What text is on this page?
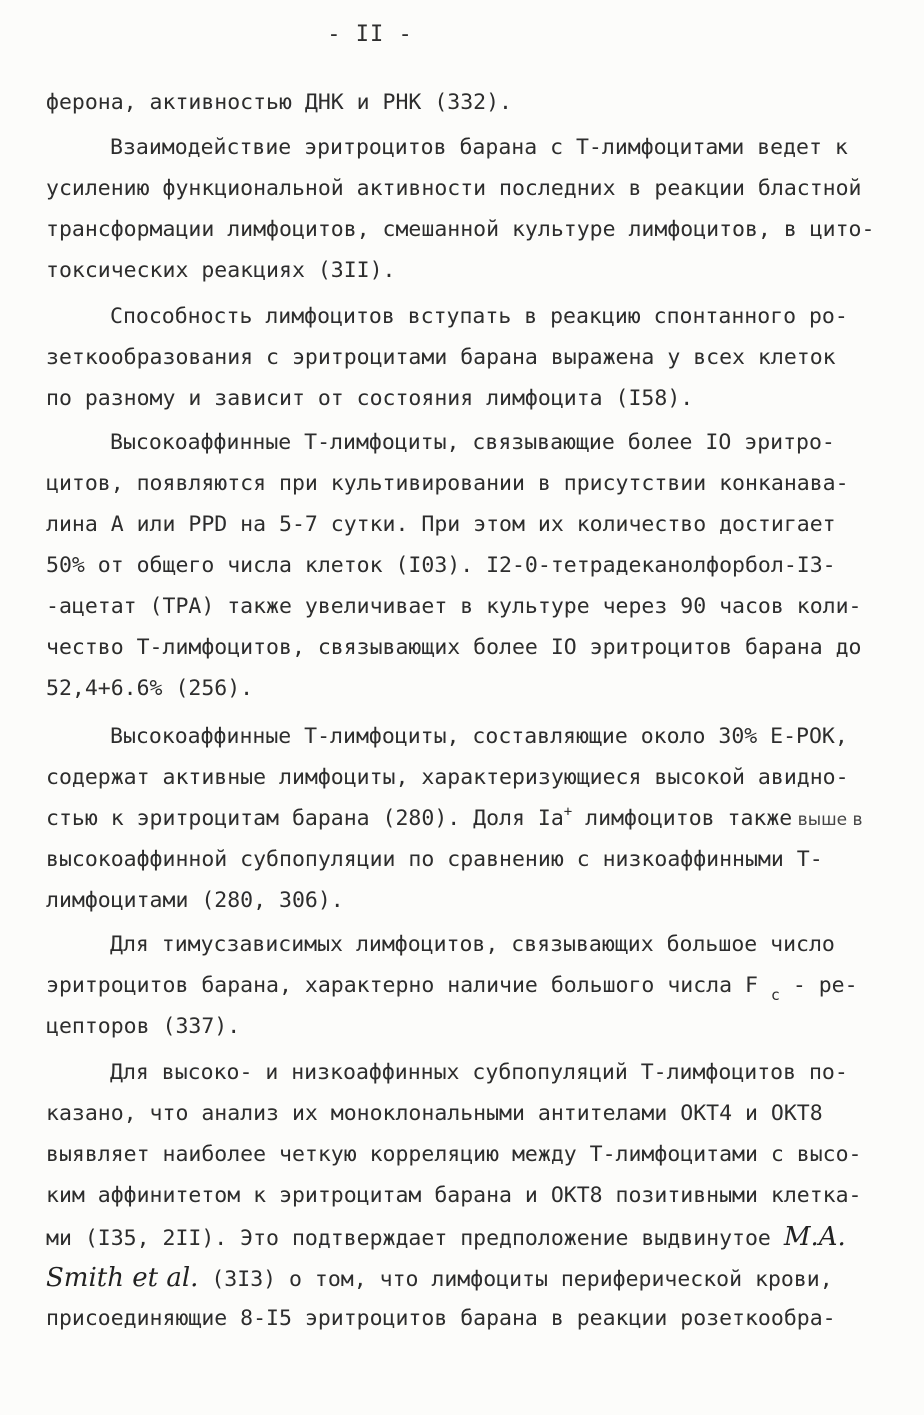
- II -
ферона, активностью ДНК и РНК (332).
Взаимодействие эритроцитов барана с Т-лимфоцитами ведет к
усилению функциональной активности последних в реакции бластной
трансформации лимфоцитов, смешанной культуре лимфоцитов, в цито-
токсических реакциях (3II).
Способность лимфоцитов вступать в реакцию спонтанного ро-
зеткообразования с эритроцитами барана выражена у всех клеток
по разному и зависит от состояния лимфоцита (I58).
Высокоаффинные Т-лимфоциты, связывающие более IO эритро-
цитов, появляются при культивировании в присутствии конканава-
лина А или PPD на 5-7 сутки. При этом их количество достигает
50% от общего числа клеток (I03). I2-0-тетрадеканолфорбол-I3-
-ацетат (ТРА) также увеличивает в культуре через 90 часов коли-
чество Т-лимфоцитов, связывающих более IO эритроцитов барана до
52,4+6.6% (256).
Высокоаффинные Т-лимфоциты, составляющие около 30% Е-РОК,
содержат активные лимфоциты, характеризующиеся высокой авидно-
стью к эритроцитам барана (280). Доля Ia+ лимфоцитов также выше в
высокоаффинной субпопуляции по сравнению с низкоаффинными Т-
лимфоцитами (280, 306).
Для тимусзависимых лимфоцитов, связывающих большое число
эритроцитов барана, характерно наличие большого числа F $_c$ - ре-
цепторов (337).
Для высоко- и низкоаффинных субпопуляций Т-лимфоцитов по-
казано, что анализ их моноклональными антителами ОКТ4 и ОКТ8
выявляет наиболее четкую корреляцию между Т-лимфоцитами с высо-
ким аффинитетом к эритроцитам барана и ОКТ8 позитивными клетка-
ми (I35, 2II). Это подтверждает предположение выдвинутое M.A.
Smith et al. (3I3) о том, что лимфоциты периферической крови,
присоединяющие 8-I5 эритроцитов барана в реакции розеткообра-
